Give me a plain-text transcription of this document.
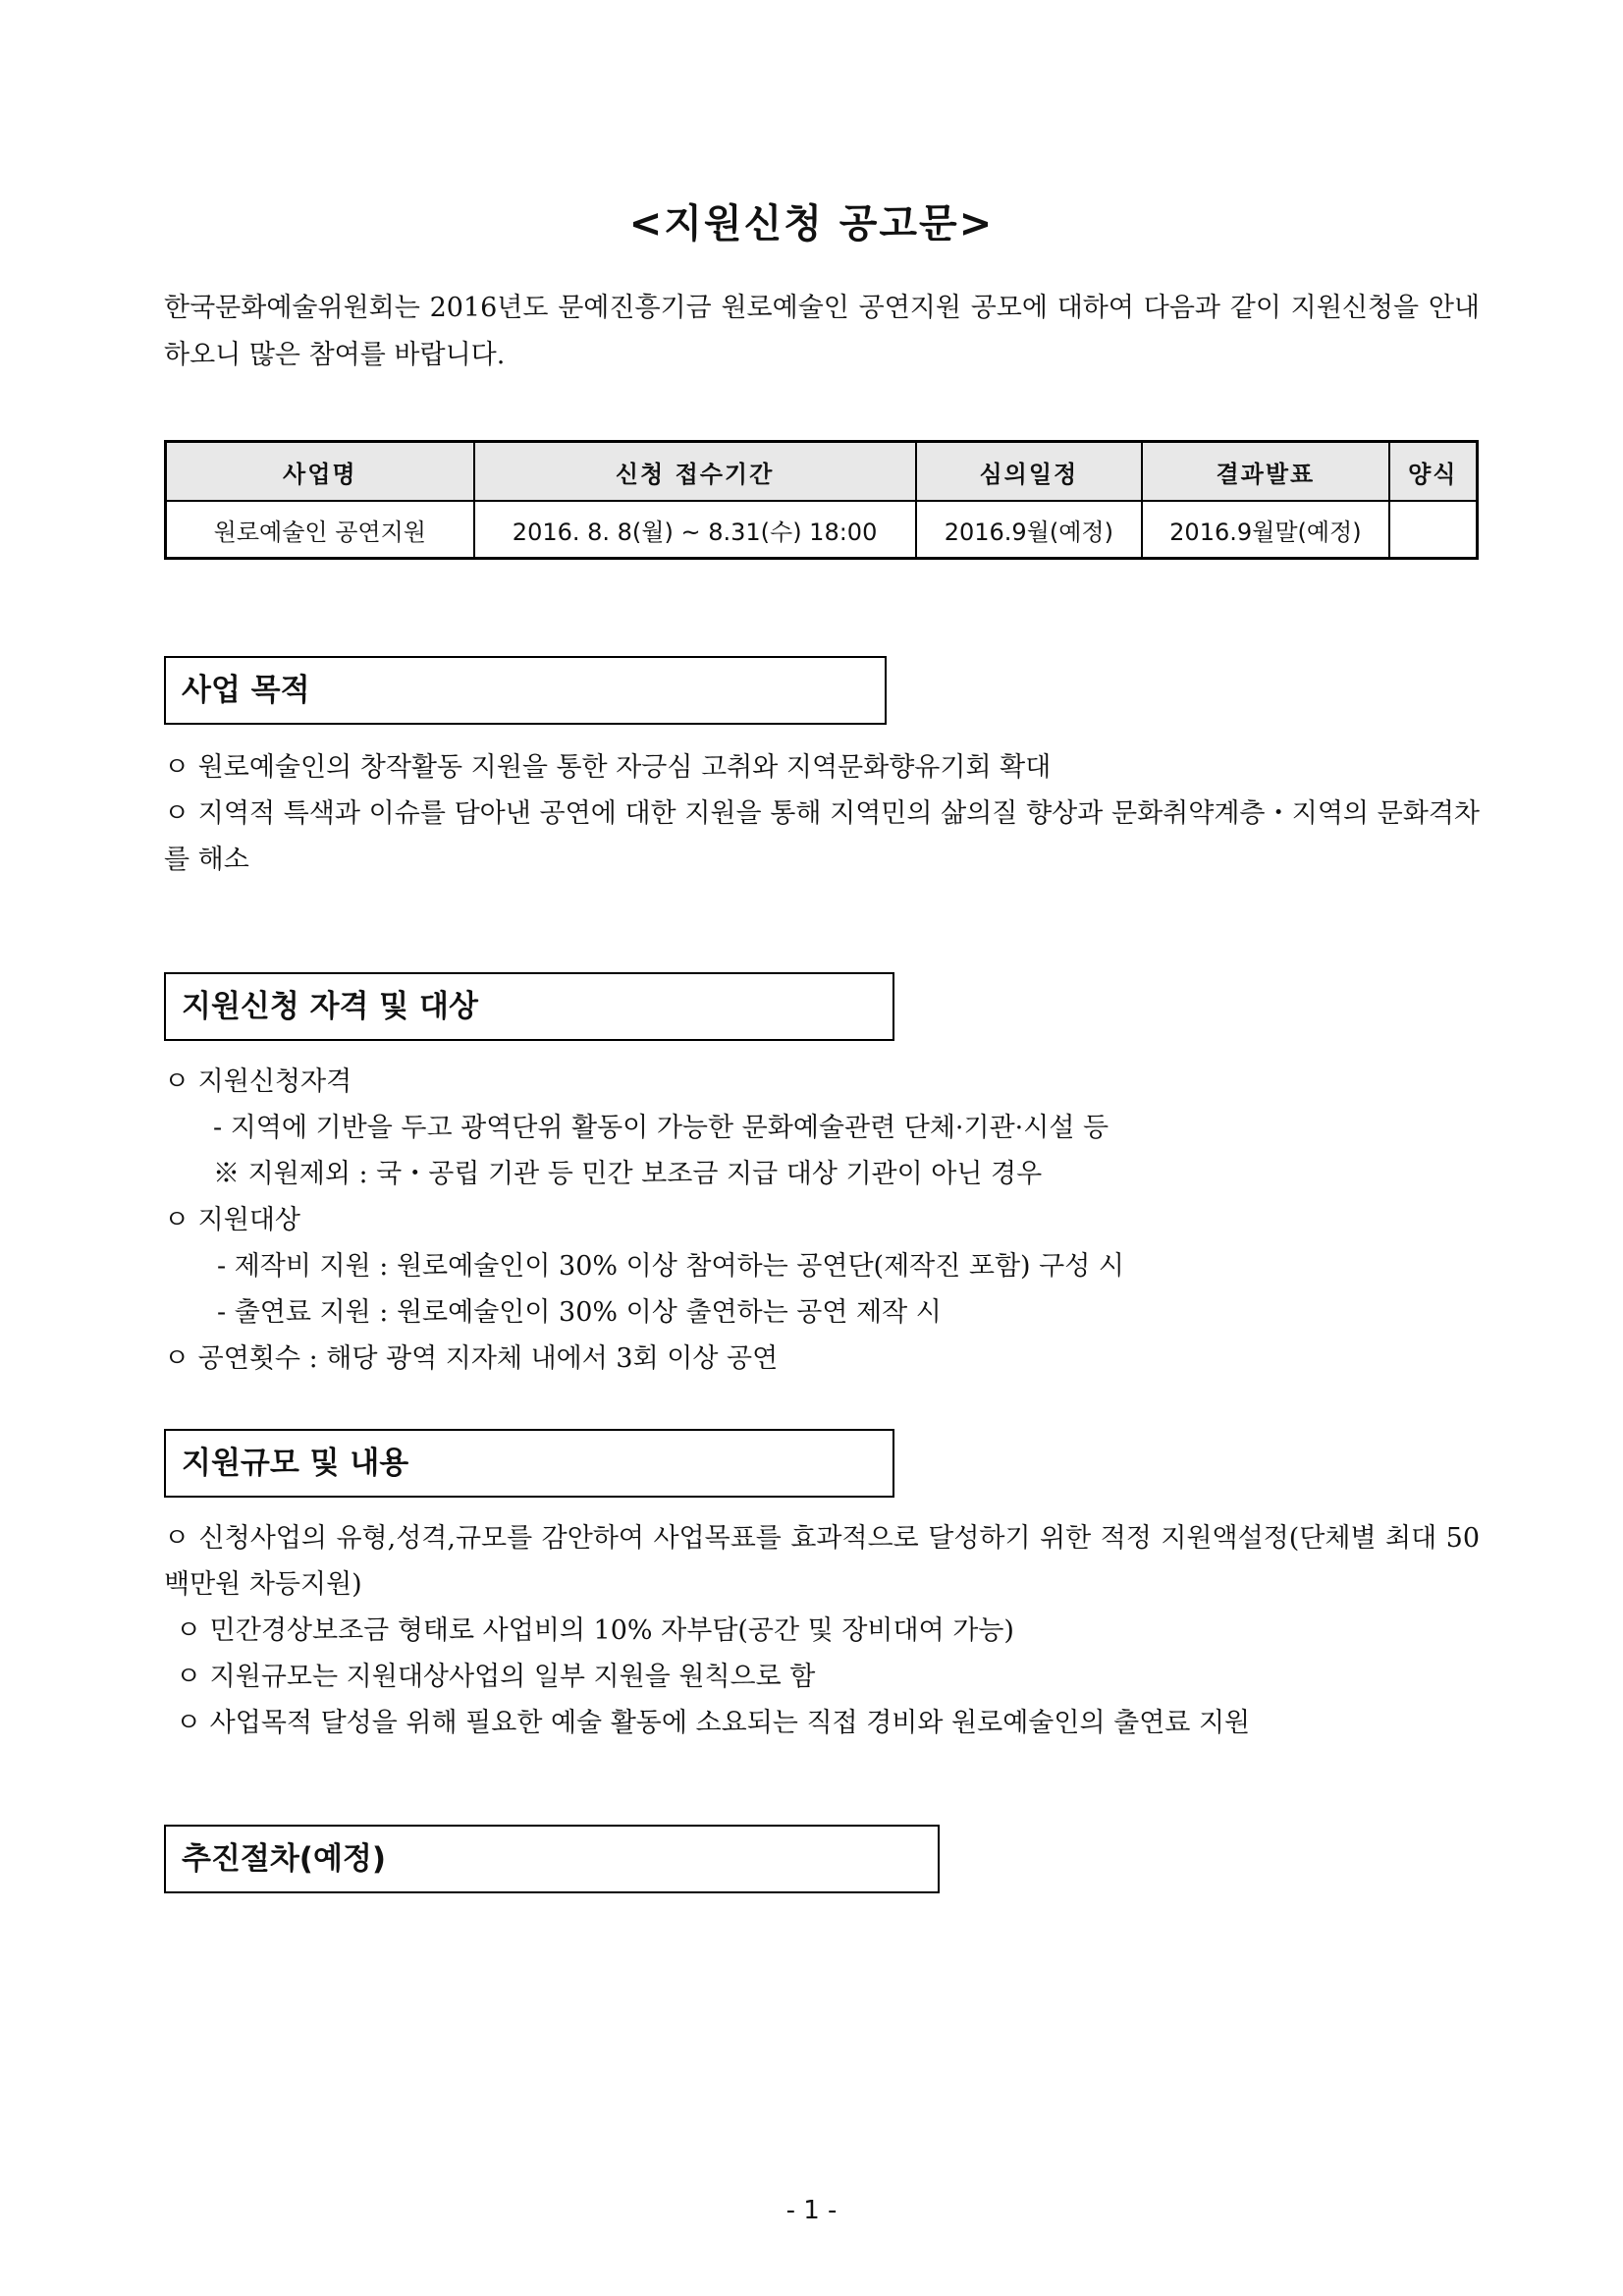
<지원신청 공고문>
한국문화예술위원회는 2016년도 문예진흥기금 원로예술인 공연지원 공모에 대하여 다음과 같이 지원신청을 안내하오니 많은 참여를 바랍니다.
사업명	신청 접수기간	심의일정	결과발표	양식
원로예술인 공연지원	2016. 8. 8(월) ~ 8.31(수) 18:00	2016.9월(예정)	2016.9월말(예정)	
사업 목적

ㅇ 원로예술인의 창작활동 지원을 통한 자긍심 고취와 지역문화향유기회 확대

ㅇ 지역적 특색과 이슈를 담아낸 공연에 대한 지원을 통해 지역민의 삶의질 향상과 문화취약계층・지역의 문화격차를 해소

지원신청 자격 및 대상

ㅇ 지원신청자격

- 지역에 기반을 두고 광역단위 활동이 가능한 문화예술관련 단체·기관·시설 등

※ 지원제외 : 국・공립 기관 등 민간 보조금 지급 대상 기관이 아닌 경우

ㅇ 지원대상

- 제작비 지원 : 원로예술인이 30% 이상 참여하는 공연단(제작진 포함) 구성 시

- 출연료 지원 : 원로예술인이 30% 이상 출연하는 공연 제작 시

ㅇ 공연횟수 : 해당 광역 지자체 내에서 3회 이상 공연

지원규모 및 내용

ㅇ 신청사업의 유형,성격,규모를 감안하여 사업목표를 효과적으로 달성하기 위한 적정 지원액설정(단체별 최대 50백만원 차등지원)

ㅇ 민간경상보조금 형태로 사업비의 10% 자부담(공간 및 장비대여 가능)

ㅇ 지원규모는 지원대상사업의 일부 지원을 원칙으로 함

ㅇ 사업목적 달성을 위해 필요한 예술 활동에 소요되는 직접 경비와 원로예술인의 출연료 지원

추진절차(예정)
- 1 -
